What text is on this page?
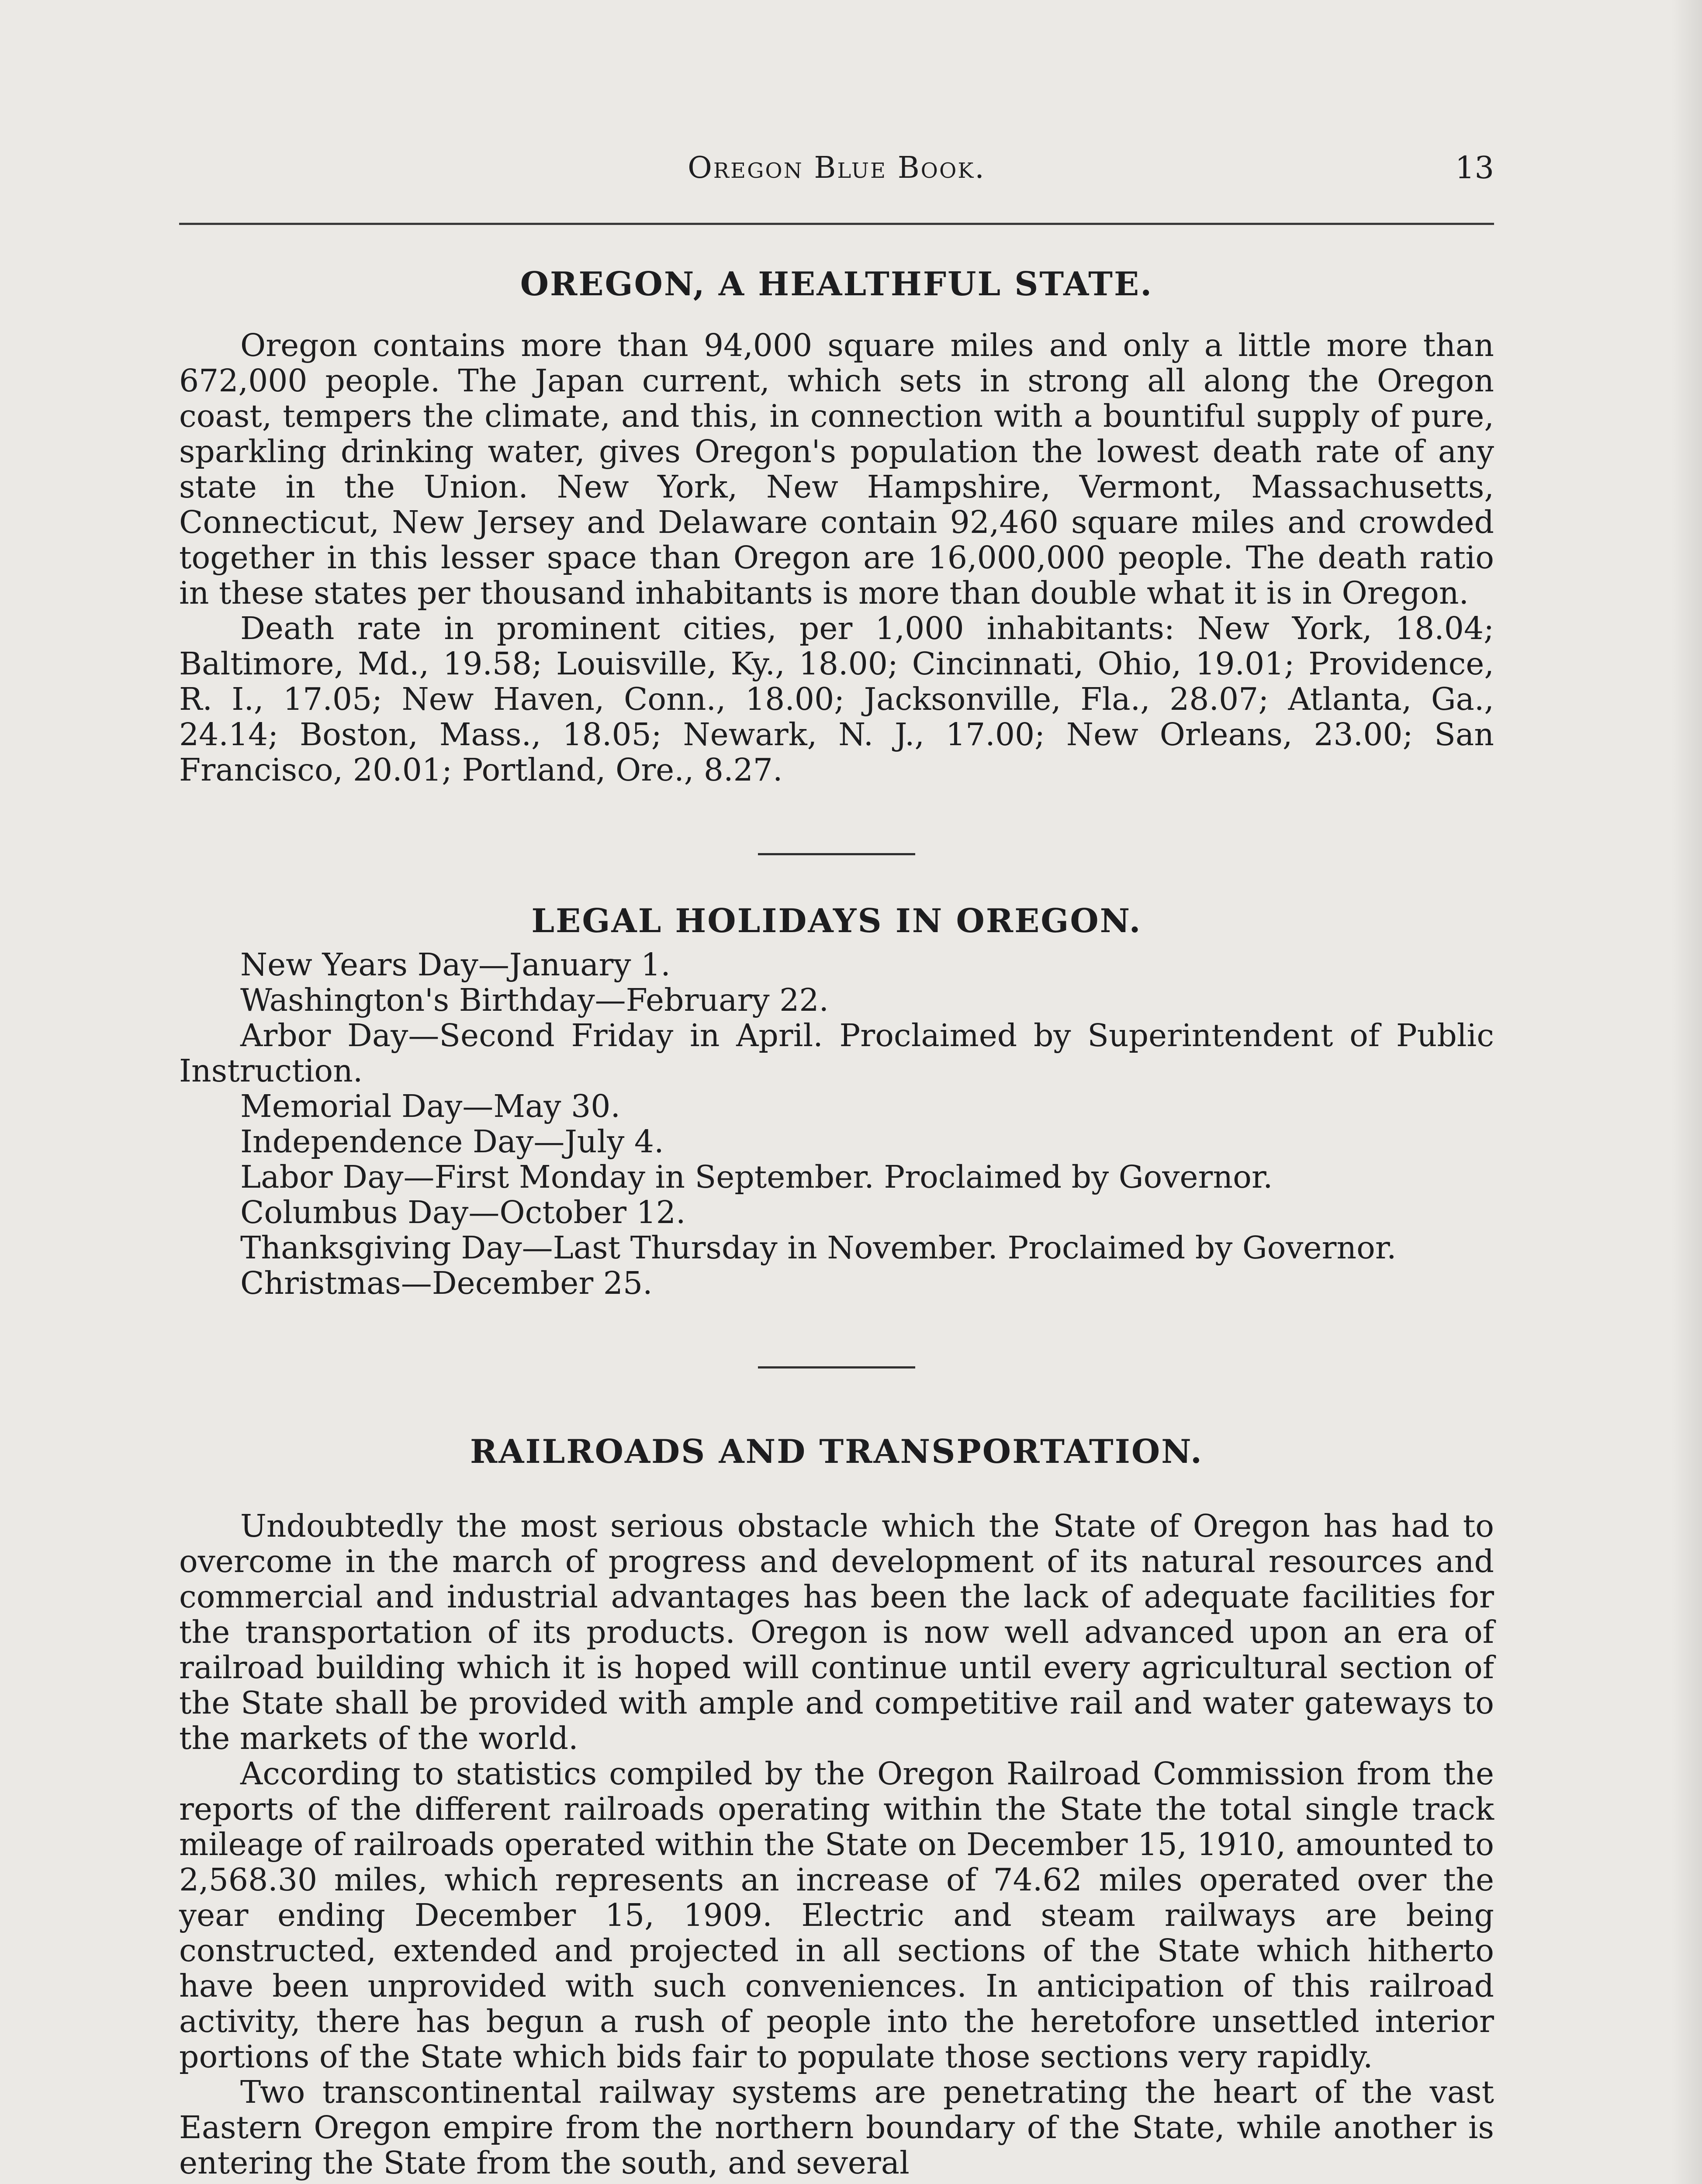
Oregon Blue Book.	13
OREGON, A HEALTHFUL STATE.

Oregon contains more than 94,000 square miles and only a little more than 672,000 people. The Japan current, which sets in strong all along the Oregon coast, tempers the climate, and this, in connection with a bountiful supply of pure, sparkling drinking water, gives Oregon's population the lowest death rate of any state in the Union. New York, New Hampshire, Vermont, Massachusetts, Connecticut, New Jersey and Delaware contain 92,460 square miles and crowded together in this lesser space than Oregon are 16,000,000 people. The death ratio in these states per thousand inhabitants is more than double what it is in Oregon.

Death rate in prominent cities, per 1,000 inhabitants: New York, 18.04; Baltimore, Md., 19.58; Louisville, Ky., 18.00; Cincinnati, Ohio, 19.01; Providence, R. I., 17.05; New Haven, Conn., 18.00; Jacksonville, Fla., 28.07; Atlanta, Ga., 24.14; Boston, Mass., 18.05; Newark, N. J., 17.00; New Orleans, 23.00; San Francisco, 20.01; Portland, Ore., 8.27.

LEGAL HOLIDAYS IN OREGON.
New Years Day—January 1.
Washington's Birthday—February 22.
Arbor Day—Second Friday in April. Proclaimed by Superintendent of Public Instruction.
Memorial Day—May 30.
Independence Day—July 4.
Labor Day—First Monday in September. Proclaimed by Governor.
Columbus Day—October 12.
Thanksgiving Day—Last Thursday in November. Proclaimed by Governor.
Christmas—December 25.
RAILROADS AND TRANSPORTATION.

Undoubtedly the most serious obstacle which the State of Oregon has had to overcome in the march of progress and development of its natural resources and commercial and industrial advantages has been the lack of adequate facilities for the transportation of its products. Oregon is now well advanced upon an era of railroad building which it is hoped will continue until every agricultural section of the State shall be provided with ample and competitive rail and water gateways to the markets of the world.

According to statistics compiled by the Oregon Railroad Commission from the reports of the different railroads operating within the State the total single track mileage of railroads operated within the State on December 15, 1910, amounted to 2,568.30 miles, which represents an increase of 74.62 miles operated over the year ending December 15, 1909. Electric and steam railways are being constructed, extended and projected in all sections of the State which hitherto have been unprovided with such conveniences. In anticipation of this railroad activity, there has begun a rush of people into the heretofore unsettled interior portions of the State which bids fair to populate those sections very rapidly.

Two transcontinental railway systems are penetrating the heart of the vast Eastern Oregon empire from the northern boundary of the State, while another is entering the State from the south, and several
